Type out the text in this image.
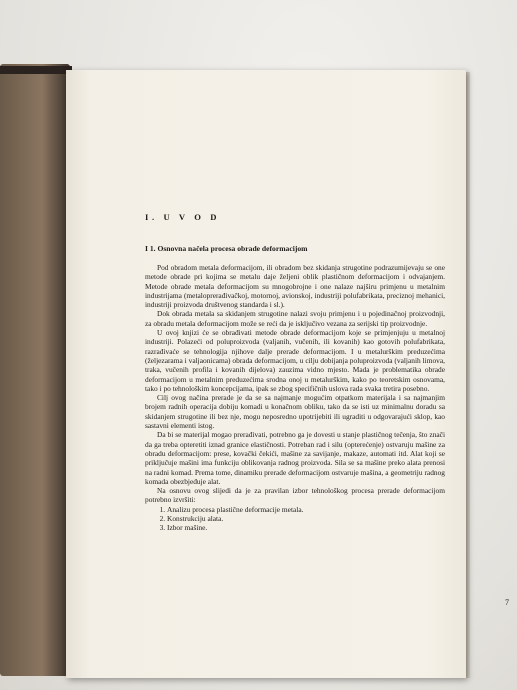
I. U V O D
I 1. Osnovna načela procesa obrade deformacijom

Pod obradom metala deformacijom, ili obradom bez skidanja strugotine podrazumijevaju se one metode obrade pri kojima se metalu daje željeni oblik plastičnom deformacijom i odvajanjem. Metode obrade metala deformacijom su mnogobrojne i one nalaze najširu primjenu u metalnim industrijama (metaloprerađivačkoj, motornoj, avionskoj, industriji polufabrikata, preciznoj mehanici, industriji proizvoda društvenog standarda i sl.).

Dok obrada metala sa skidanjem strugotine nalazi svoju primjenu i u pojedinačnoj proizvodnji, za obradu metala deformacijom može se reći da je isključivo vezana za serijski tip proizvodnje.

U ovoj knjizi će se obrađivati metode obrade deformacijom koje se primjenjuju u metalnoj industriji. Polazeći od poluproizvoda (valjanih, vučenih, ili kovanih) kao gotovih polufabrikata, razrađivaće se tehnologija njihove dalje prerade deformacijom. I u metalurškim preduzećima (željezarama i valjaonicama) obrada deformacijom, u cilju dobijanja poluproizvoda (valjanih limova, traka, vučenih profila i kovanih dijelova) zauzima vidno mjesto. Mada je problematika obrade deformacijom u metalnim preduzećima srodna onoj u metalurškim, kako po teoretskim osnovama, tako i po tehnološkim koncepcijama, ipak se zbog specifičnih uslova rada svaka tretira posebno.

Cilj ovog načina prerade je da se sa najmanje mogućim otpatkom materijala i sa najmanjim brojem radnih operacija dobiju komadi u konačnom obliku, tako da se isti uz minimalnu doradu sa skidanjem strugotine ili bez nje, mogu neposredno upotrijebiti ili ugraditi u odgovarajući sklop, kao sastavni elementi istog.

Da bi se materijal mogao prerađivati, potrebno ga je dovesti u stanje plastičnog tečenja, što znači da ga treba opteretiti iznad granice elastičnosti. Potreban rad i silu (opterećenje) ostvaruju mašine za obradu deformacijom: prese, kovački čekići, mašine za savijanje, makaze, automati itd. Alat koji se priključuje mašini ima funkciju oblikovanja radnog proizvoda. Sila se sa mašine preko alata prenosi na radni komad. Prema tome, dinamiku prerade deformacijom ostvaruje mašina, a geometriju radnog komada obezbjeđuje alat.

Na osnovu ovog slijedi da je za pravilan izbor tehnološkog procesa prerade deformacijom potrebno izvršiti:

1. Analizu procesa plastične deformacije metala.
2. Konstrukciju alata.
3. Izbor mašine.
7
